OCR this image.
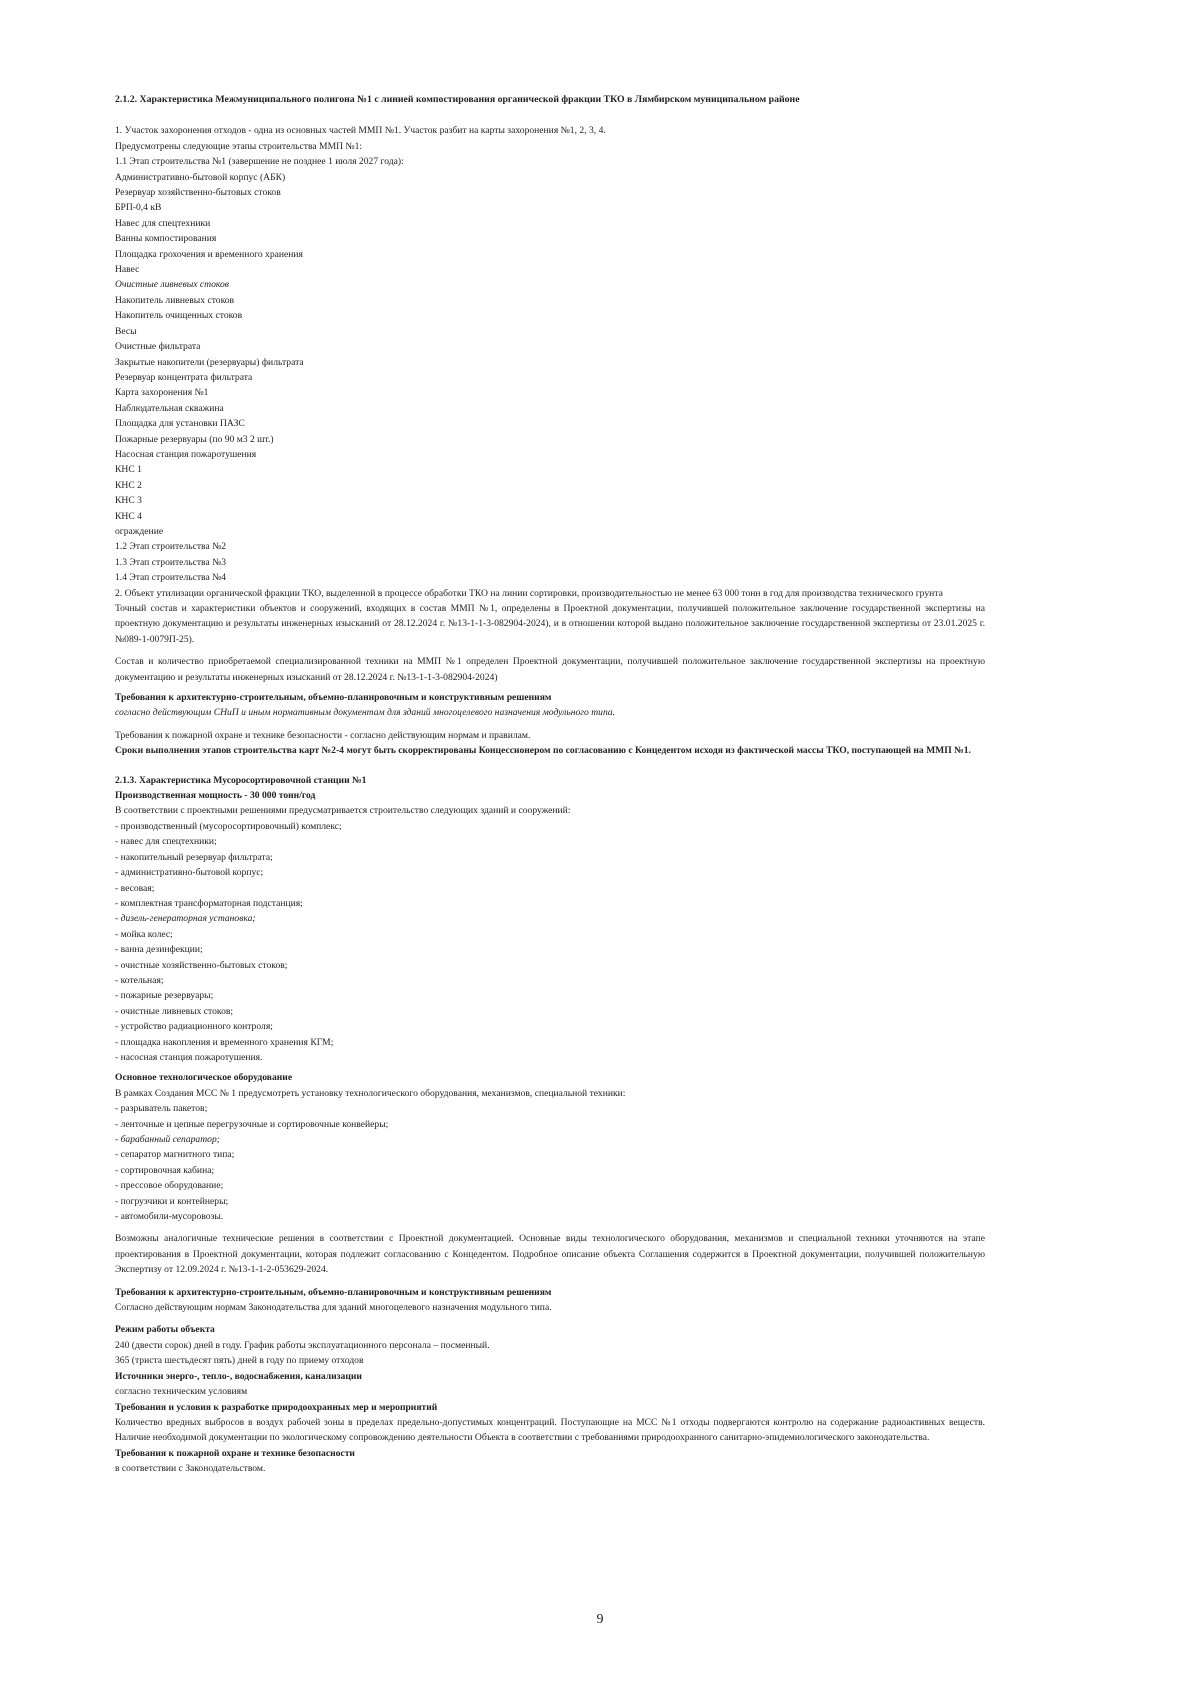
2.1.2. Характеристика Межмуниципального полигона №1 с линией компостирования органической фракции ТКО в Лямбирском муниципальном районе
1. Участок захоронения отходов - одна из основных частей ММП №1. Участок разбит на карты захоронения №1, 2, 3, 4.
Предусмотрены следующие этапы строительства ММП №1:
1.1 Этап строительства №1 (завершение не позднее 1 июля 2027 года):
Административно-бытовой корпус (АБК)
Резервуар хозяйственно-бытовых стоков
БРП-0,4 кВ
Навес для спецтехники
Ванны компостирования
Площадка грохочения и временного хранения
Навес
Очистные ливневых стоков
Накопитель ливневых стоков
Накопитель очищенных стоков
Весы
Очистные фильтрата
Закрытые накопители (резервуары) фильтрата
Резервуар концентрата фильтрата
Карта захоронения №1
Наблюдательная скважина
Площадка для установки ПАЗС
Пожарные резервуары (по 90 м3 2 шт.)
Насосная станция пожаротушения
КНС 1
КНС 2
КНС 3
КНС 4
ограждение
1.2 Этап строительства №2
1.3 Этап строительства №3
1.4 Этап строительства №4

2. Объект утилизации органической фракции ТКО, выделенной в процессе обработки ТКО на линии сортировки, производительностью не менее 63 000 тонн в год для производства технического грунта

Точный состав и характеристики объектов и сооружений, входящих в состав ММП №1, определены в Проектной документации, получившей положительное заключение государственной экспертизы на проектную документацию и результаты инженерных изысканий от 28.12.2024 г. №13-1-1-3-082904-2024), и в отношении которой выдано положительное заключение государственной экспертизы от 23.01.2025 г. №089-1-0079П-25).

Состав и количество приобретаемой специализированной техники на ММП №1 определен Проектной документации, получившей положительное заключение государственной экспертизы на проектную документацию и результаты инженерных изысканий от 28.12.2024 г. №13-1-1-3-082904-2024)

Требования к архитектурно-строительным, объемно-планировочным и конструктивным решениям
согласно действующим СНиП и иным нормативным документам для зданий многоцелевого назначения модульного типа.
Требования к пожарной охране и технике безопасности - согласно действующим нормам и правилам.

Сроки выполнения этапов строительства карт №2-4 могут быть скорректированы Концессионером по согласованию с Концедентом исходя из фактической массы ТКО, поступающей на ММП №1.

2.1.3. Характеристика Мусоросортировочной станции №1
Производственная мощность - 30 000 тонн/год
В соответствии с проектными решениями предусматривается строительство следующих зданий и сооружений:
- производственный (мусоросортировочный) комплекс;
- навес для спецтехники;
- накопительный резервуар фильтрата;
- административно-бытовой корпус;
- весовая;
- комплектная трансформаторная подстанция;
- дизель-генераторная установка;
- мойка колес;
- ванна дезинфекции;
- очистные хозяйственно-бытовых стоков;
- котельная;
- пожарные резервуары;
- очистные ливневых стоков;
- устройство радиационного контроля;
- площадка накопления и временного хранения КГМ;
- насосная станция пожаротушения.
Основное технологическое оборудование
В рамках Создания МСС № 1 предусмотреть установку технологического оборудования, механизмов, специальной техники:
- разрыватель пакетов;
- ленточные и цепные перегрузочные и сортировочные конвейеры;
- барабанный сепаратор;
- сепаратор магнитного типа;
- сортировочная кабина;
- прессовое оборудование;
- погрузчики и контейнеры;
- автомобили-мусоровозы.

Возможны аналогичные технические решения в соответствии с Проектной документацией. Основные виды технологического оборудования, механизмов и специальной техники уточняются на этапе проектирования в Проектной документации, которая подлежит согласованию с Концедентом. Подробное описание объекта Соглашения содержится в Проектной документации, получившей положительную Экспертизу от 12.09.2024 г. №13-1-1-2-053629-2024.

Требования к архитектурно-строительным, объемно-планировочным и конструктивным решениям
Согласно действующим нормам Законодательства для зданий многоцелевого назначения модульного типа.
Режим работы объекта
240 (двести сорок) дней в году. График работы эксплуатационного персонала – посменный.
365 (триста шестьдесят пять) дней в году по приему отходов
Источники энерго-, тепло-, водоснабжения, канализации
согласно техническим условиям
Требования и условия к разработке природоохранных мер и мероприятий

Количество вредных выбросов в воздух рабочей зоны в пределах предельно-допустимых концентраций. Поступающие на МСС №1 отходы подвергаются контролю на содержание радиоактивных веществ. Наличие необходимой документации по экологическому сопровождению деятельности Объекта в соответствии с требованиями природоохранного санитарно-эпидемиологического законодательства.

Требования к пожарной охране и технике безопасности
в соответствии с Законодательством.
9
